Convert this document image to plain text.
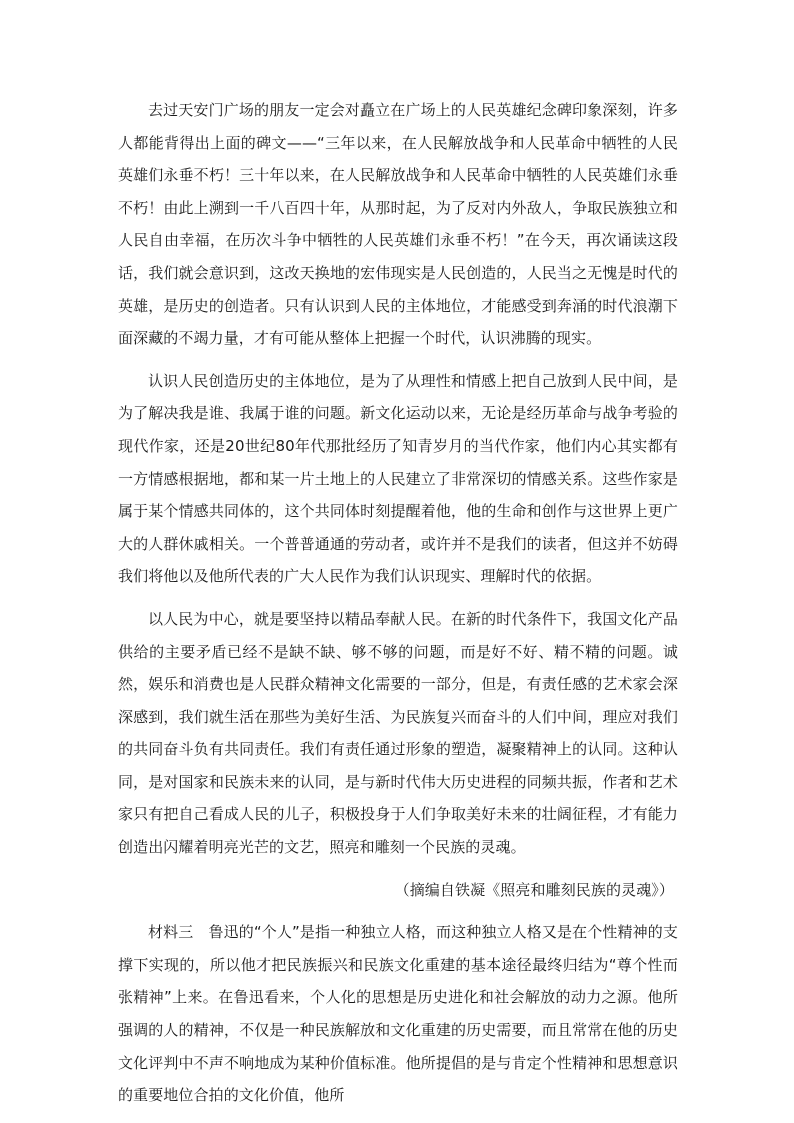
去过天安门广场的朋友一定会对矗立在广场上的人民英雄纪念碑印象深刻，许多人都能背得出上面的碑文——“三年以来，在人民解放战争和人民革命中牺牲的人民英雄们永垂不朽！三十年以来，在人民解放战争和人民革命中牺牲的人民英雄们永垂不朽！由此上溯到一千八百四十年，从那时起，为了反对内外敌人，争取民族独立和人民自由幸福，在历次斗争中牺牲的人民英雄们永垂不朽！”在今天，再次诵读这段话，我们就会意识到，这改天换地的宏伟现实是人民创造的，人民当之无愧是时代的英雄，是历史的创造者。只有认识到人民的主体地位，才能感受到奔涌的时代浪潮下面深藏的不竭力量，才有可能从整体上把握一个时代，认识沸腾的现实。

认识人民创造历史的主体地位，是为了从理性和情感上把自己放到人民中间，是为了解决我是谁、我属于谁的问题。新文化运动以来，无论是经历革命与战争考验的现代作家，还是20世纪80年代那批经历了知青岁月的当代作家，他们内心其实都有一方情感根据地，都和某一片土地上的人民建立了非常深切的情感关系。这些作家是属于某个情感共同体的，这个共同体时刻提醒着他，他的生命和创作与这世界上更广大的人群休戚相关。一个普普通通的劳动者，或许并不是我们的读者，但这并不妨碍我们将他以及他所代表的广大人民作为我们认识现实、理解时代的依据。

以人民为中心，就是要坚持以精品奉献人民。在新的时代条件下，我国文化产品供给的主要矛盾已经不是缺不缺、够不够的问题，而是好不好、精不精的问题。诚然，娱乐和消费也是人民群众精神文化需要的一部分，但是，有责任感的艺术家会深深感到，我们就生活在那些为美好生活、为民族复兴而奋斗的人们中间，理应对我们的共同奋斗负有共同责任。我们有责任通过形象的塑造，凝聚精神上的认同。这种认同，是对国家和民族未来的认同，是与新时代伟大历史进程的同频共振，作者和艺术家只有把自己看成人民的儿子，积极投身于人们争取美好未来的壮阔征程，才有能力创造出闪耀着明亮光芒的文艺，照亮和雕刻一个民族的灵魂。

（摘编自铁凝《照亮和雕刻民族的灵魂》）

材料三　鲁迅的“个人”是指一种独立人格，而这种独立人格又是在个性精神的支撑下实现的，所以他才把民族振兴和民族文化重建的基本途径最终归结为“尊个性而张精神”上来。在鲁迅看来，个人化的思想是历史进化和社会解放的动力之源。他所强调的人的精神，不仅是一种民族解放和文化重建的历史需要，而且常常在他的历史文化评判中不声不响地成为某种价值标准。他所提倡的是与肯定个性精神和思想意识的重要地位合拍的文化价值，他所
